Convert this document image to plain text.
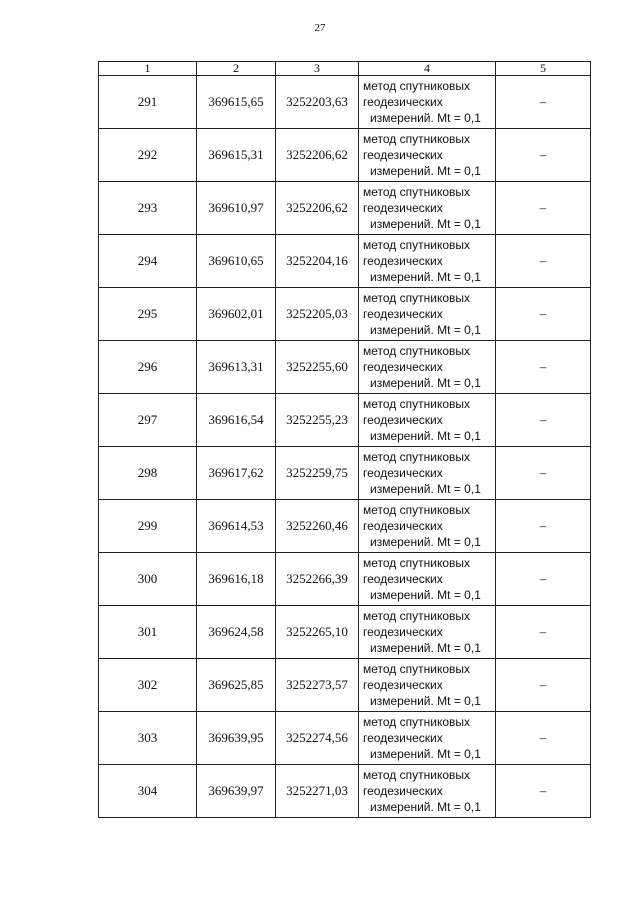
27
1	2	3	4	5
291	369615,65	3252203,63	метод спутниковых
геодезических
измерений. Mt = 0,1	–
292	369615,31	3252206,62	метод спутниковых
геодезических
измерений. Mt = 0,1	–
293	369610,97	3252206,62	метод спутниковых
геодезических
измерений. Mt = 0,1	–
294	369610,65	3252204,16	метод спутниковых
геодезических
измерений. Mt = 0,1	–
295	369602,01	3252205,03	метод спутниковых
геодезических
измерений. Mt = 0,1	–
296	369613,31	3252255,60	метод спутниковых
геодезических
измерений. Mt = 0,1	–
297	369616,54	3252255,23	метод спутниковых
геодезических
измерений. Mt = 0,1	–
298	369617,62	3252259,75	метод спутниковых
геодезических
измерений. Mt = 0,1	–
299	369614,53	3252260,46	метод спутниковых
геодезических
измерений. Mt = 0,1	–
300	369616,18	3252266,39	метод спутниковых
геодезических
измерений. Mt = 0,1	–
301	369624,58	3252265,10	метод спутниковых
геодезических
измерений. Mt = 0,1	–
302	369625,85	3252273,57	метод спутниковых
геодезических
измерений. Mt = 0,1	–
303	369639,95	3252274,56	метод спутниковых
геодезических
измерений. Mt = 0,1	–
304	369639,97	3252271,03	метод спутниковых
геодезических
измерений. Mt = 0,1	–
